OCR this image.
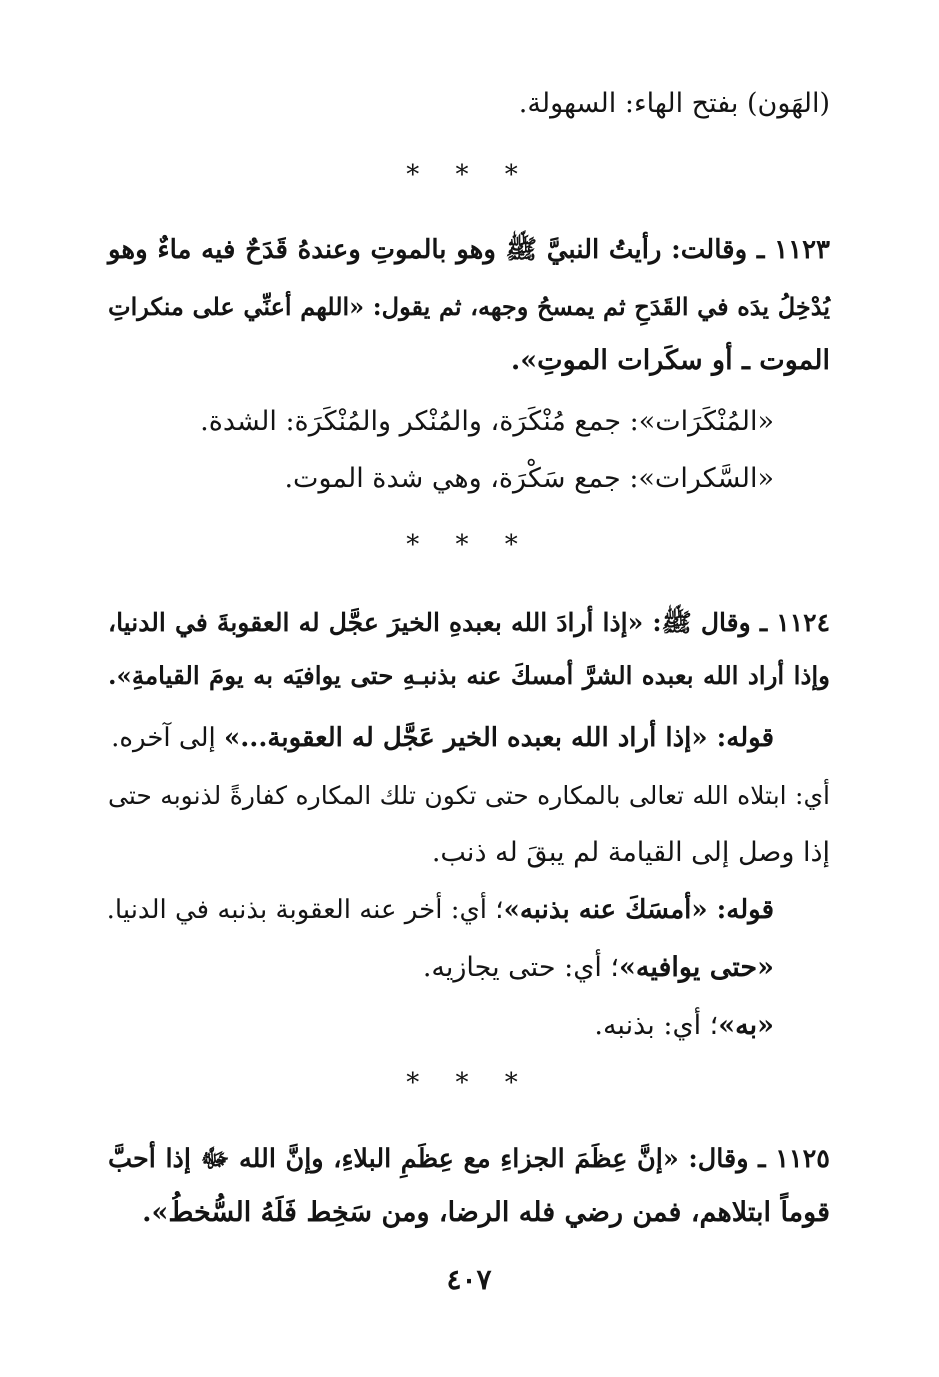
(الهَون) بفتح الهاء: السهولة.
* * *
١١٢٣ ـ وقالت: رأيتُ النبيَّ ﷺ وهو بالموتِ وعندهُ قَدَحٌ فيه ماءٌ وهو
يُدْخِلُ يدَه في القَدَحِ ثم يمسحُ وجهه، ثم يقول: «اللهم أعنِّي على منكراتِ
الموت ـ أو سكَرات الموتِ».
«المُنْكَرَات»: جمع مُنْكَرَة، والمُنْكر والمُنْكَرَة: الشدة.
«السَّكرات»: جمع سَكْرَة، وهي شدة الموت.
* * *
١١٢٤ ـ وقال ﷺ: «إذا أرادَ الله بعبدهِ الخيرَ عجَّل له العقوبةَ في الدنيا،
وإذا أراد الله بعبده الشرَّ أمسكَ عنه بذنبـهِ حتى يوافيَه به يومَ القيامةِ».
قوله: «إذا أراد الله بعبده الخير عَجَّل له العقوبة...» إلى آخره.
أي: ابتلاه الله تعالى بالمكاره حتى تكون تلك المكاره كفارةً لذنوبه حتى
إذا وصل إلى القيامة لم يبقَ له ذنب.
قوله: «أمسَكَ عنه بذنبه»؛ أي: أخر عنه العقوبة بذنبه في الدنيا.
«حتى يوافيه»؛ أي: حتى يجازيه.
«به»؛ أي: بذنبه.
* * *
١١٢٥ ـ وقال: «إنَّ عِظَمَ الجزاءِ مع عِظَمِ البلاءِ، وإنَّ الله ﷻ إذا أحبَّ
قوماً ابتلاهم، فمن رضي فله الرضا، ومن سَخِط فَلَهُ السُّخطُ».
٤٠٧
